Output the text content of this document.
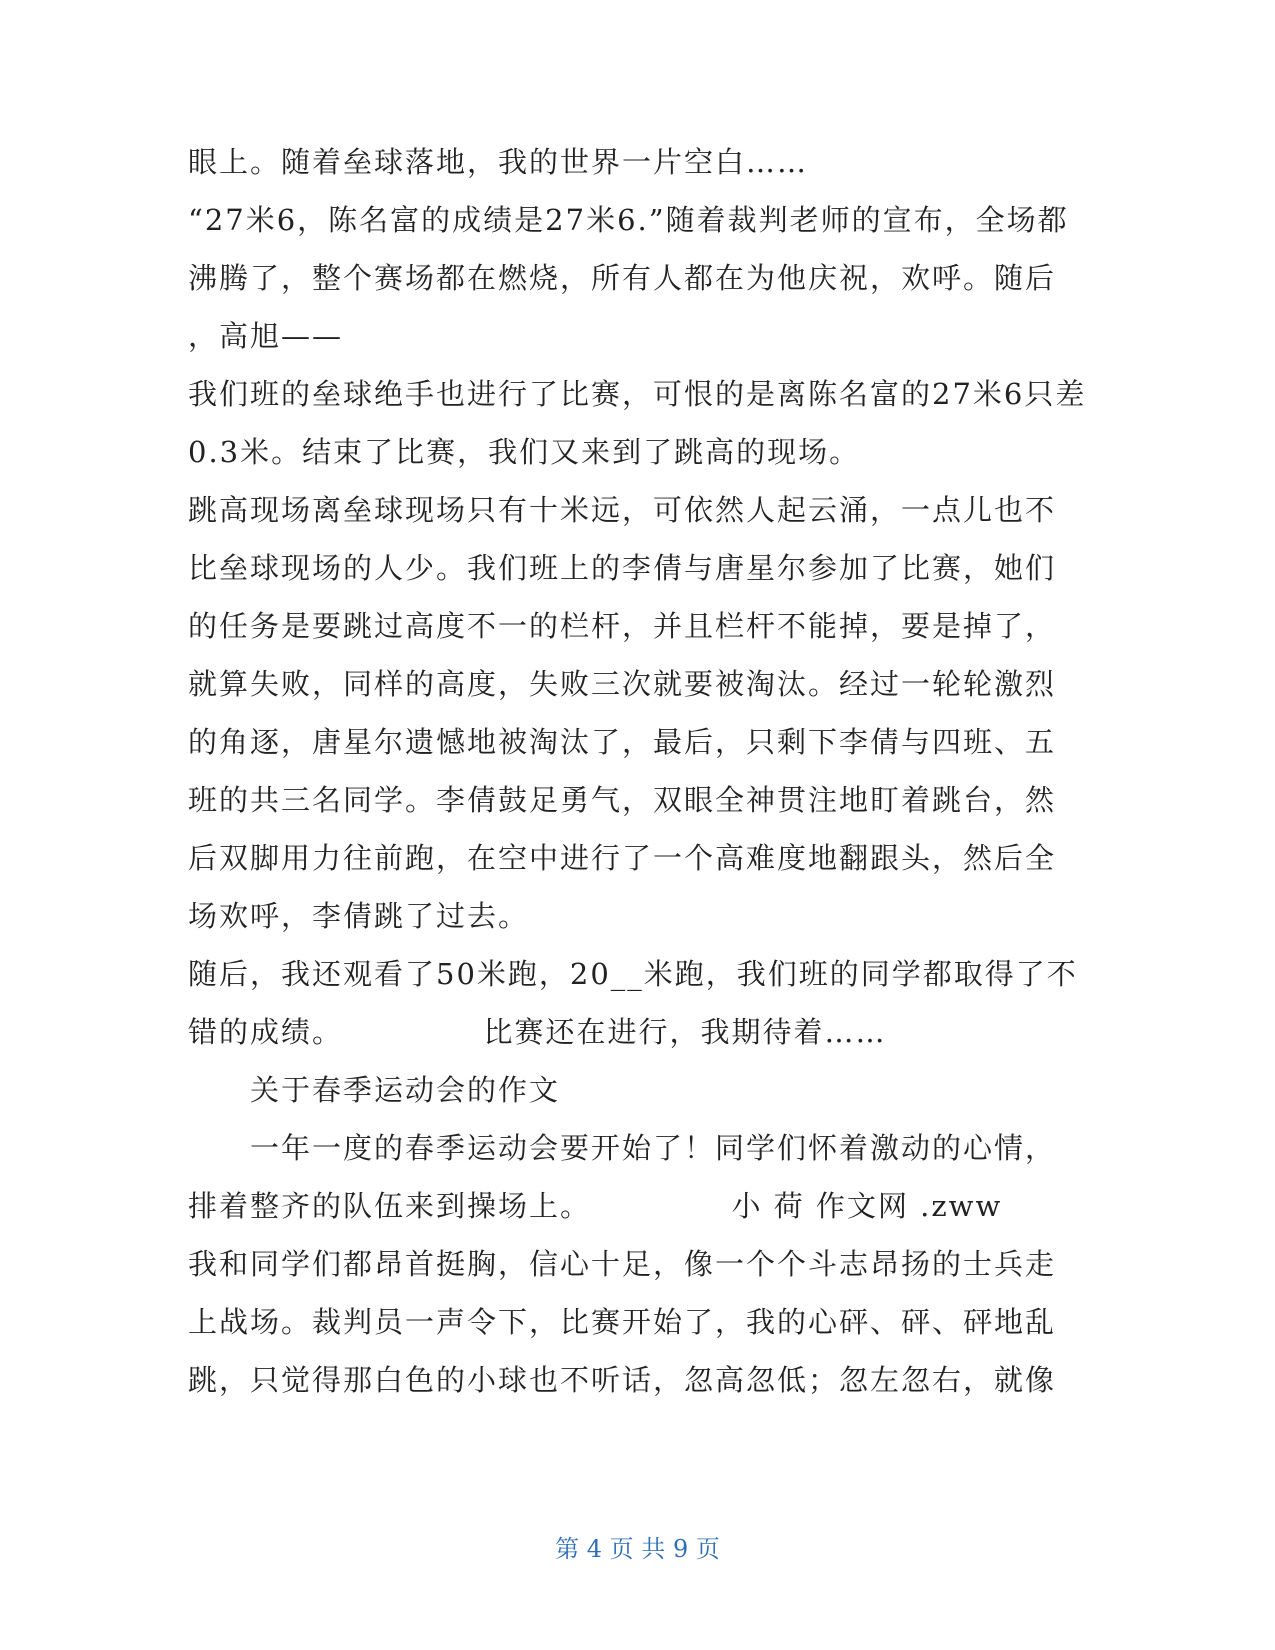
眼上。随着垒球落地，我的世界一片空白……
“27米6，陈名富的成绩是27米6.”随着裁判老师的宣布，全场都
沸腾了，整个赛场都在燃烧，所有人都在为他庆祝，欢呼。随后
，高旭——
我们班的垒球绝手也进行了比赛，可恨的是离陈名富的27米6只差
0.3米。结束了比赛，我们又来到了跳高的现场。
跳高现场离垒球现场只有十米远，可依然人起云涌，一点儿也不
比垒球现场的人少。我们班上的李倩与唐星尔参加了比赛，她们
的任务是要跳过高度不一的栏杆，并且栏杆不能掉，要是掉了，
就算失败，同样的高度，失败三次就要被淘汰。经过一轮轮激烈
的角逐，唐星尔遗憾地被淘汰了，最后，只剩下李倩与四班、五
班的共三名同学。李倩鼓足勇气，双眼全神贯注地盯着跳台，然
后双脚用力往前跑，在空中进行了一个高难度地翻跟头，然后全
场欢呼，李倩跳了过去。
随后，我还观看了50米跑，20__米跑，我们班的同学都取得了不
错的成绩。　　　　　比赛还在进行，我期待着……
　　关于春季运动会的作文
　　一年一度的春季运动会要开始了！同学们怀着激动的心情，
排着整齐的队伍来到操场上。　　　　　小 荷 作文网 .zww
我和同学们都昂首挺胸，信心十足，像一个个斗志昂扬的士兵走
上战场。裁判员一声令下，比赛开始了，我的心砰、砰、砰地乱
跳，只觉得那白色的小球也不听话，忽高忽低；忽左忽右，就像
第 4 页 共 9 页
